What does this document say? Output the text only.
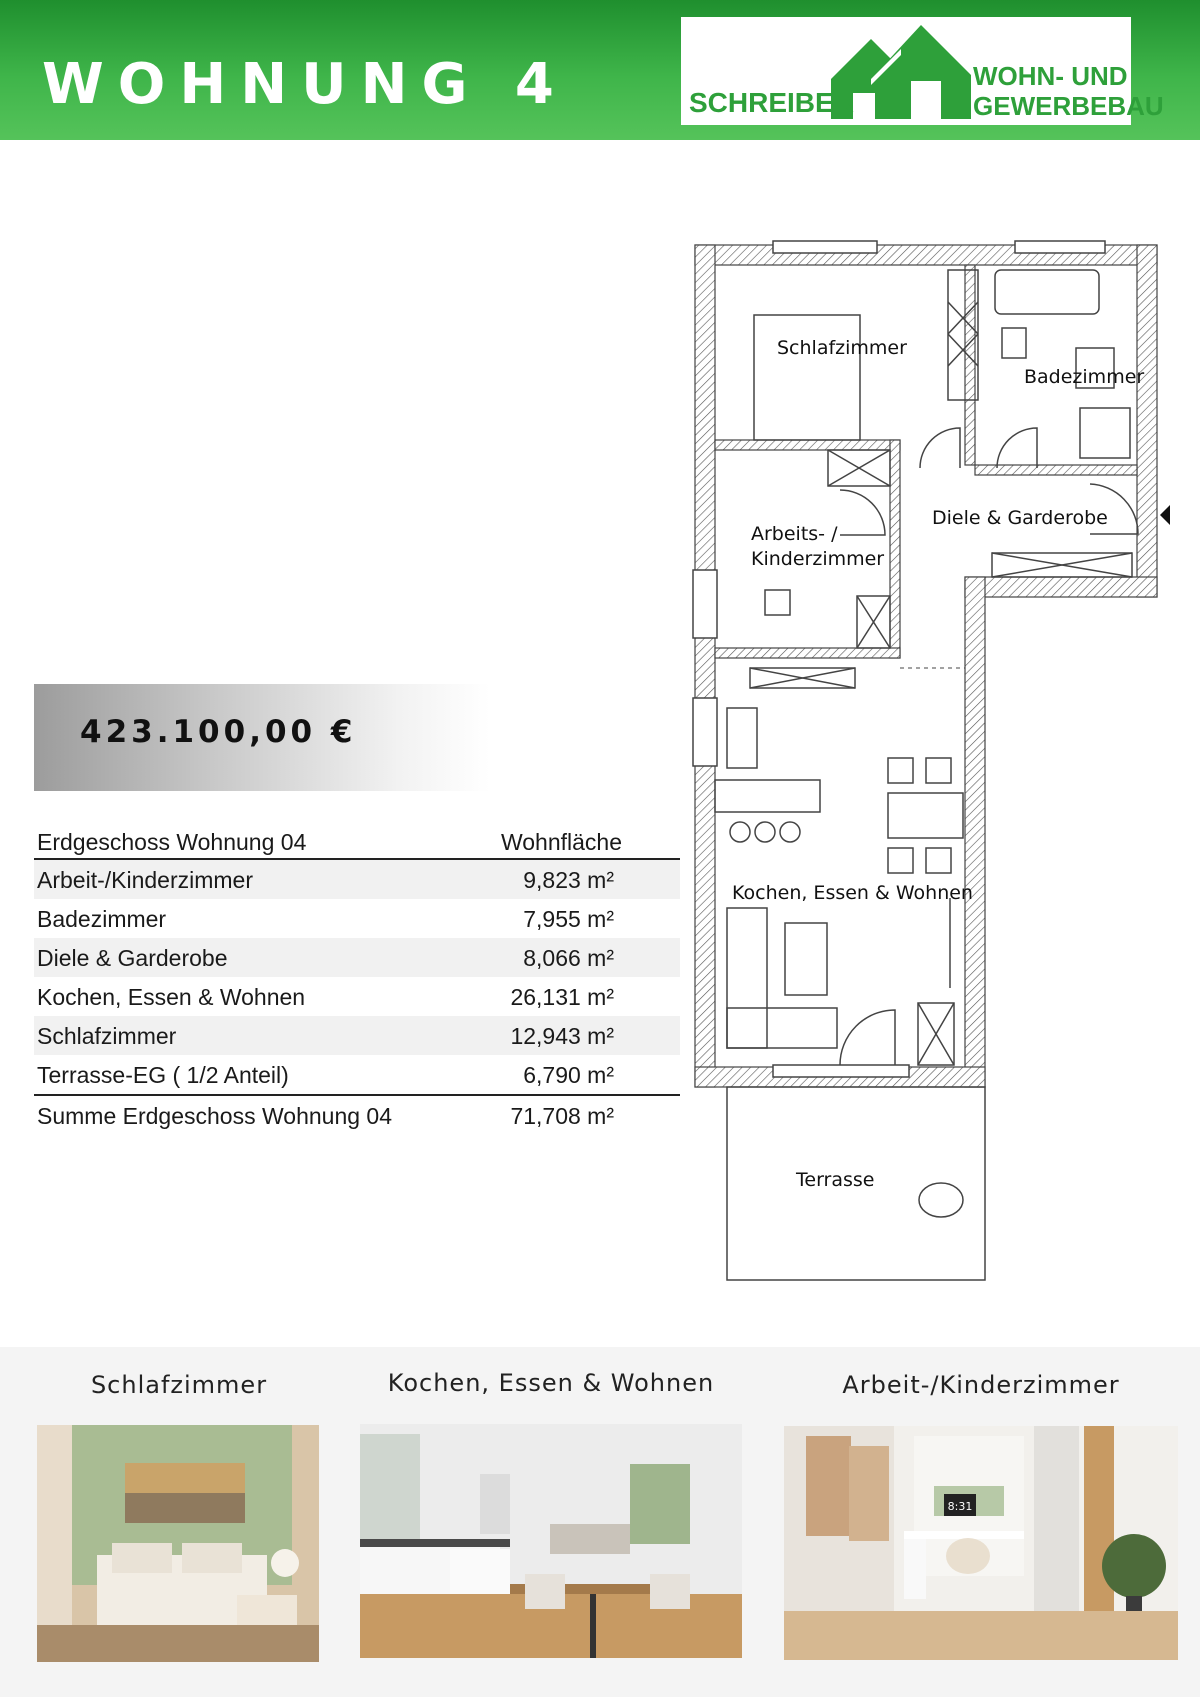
WOHNUNG 4	SCHREIBER
WOHN- UND
GEWERBEBAU
423.100,00 €
Erdgeschoss Wohnung 04	Wohnfläche
Arbeit-/Kinderzimmer	9,823 m²
Badezimmer	7,955 m²
Diele & Garderobe	8,066 m²
Kochen, Essen & Wohnen	26,131 m²
Schlafzimmer	12,943 m²
Terrasse-EG ( 1/2 Anteil)	6,790 m²
Summe Erdgeschoss Wohnung 04	71,708 m²
Schlafzimmer
Badezimmer
Diele & Garderobe
Arbeits- /
Kinderzimmer
Kochen, Essen & Wohnen
Terrasse
Schlafzimmer	Kochen, Essen & Wohnen	Arbeit-/Kinderzimmer
8:31
